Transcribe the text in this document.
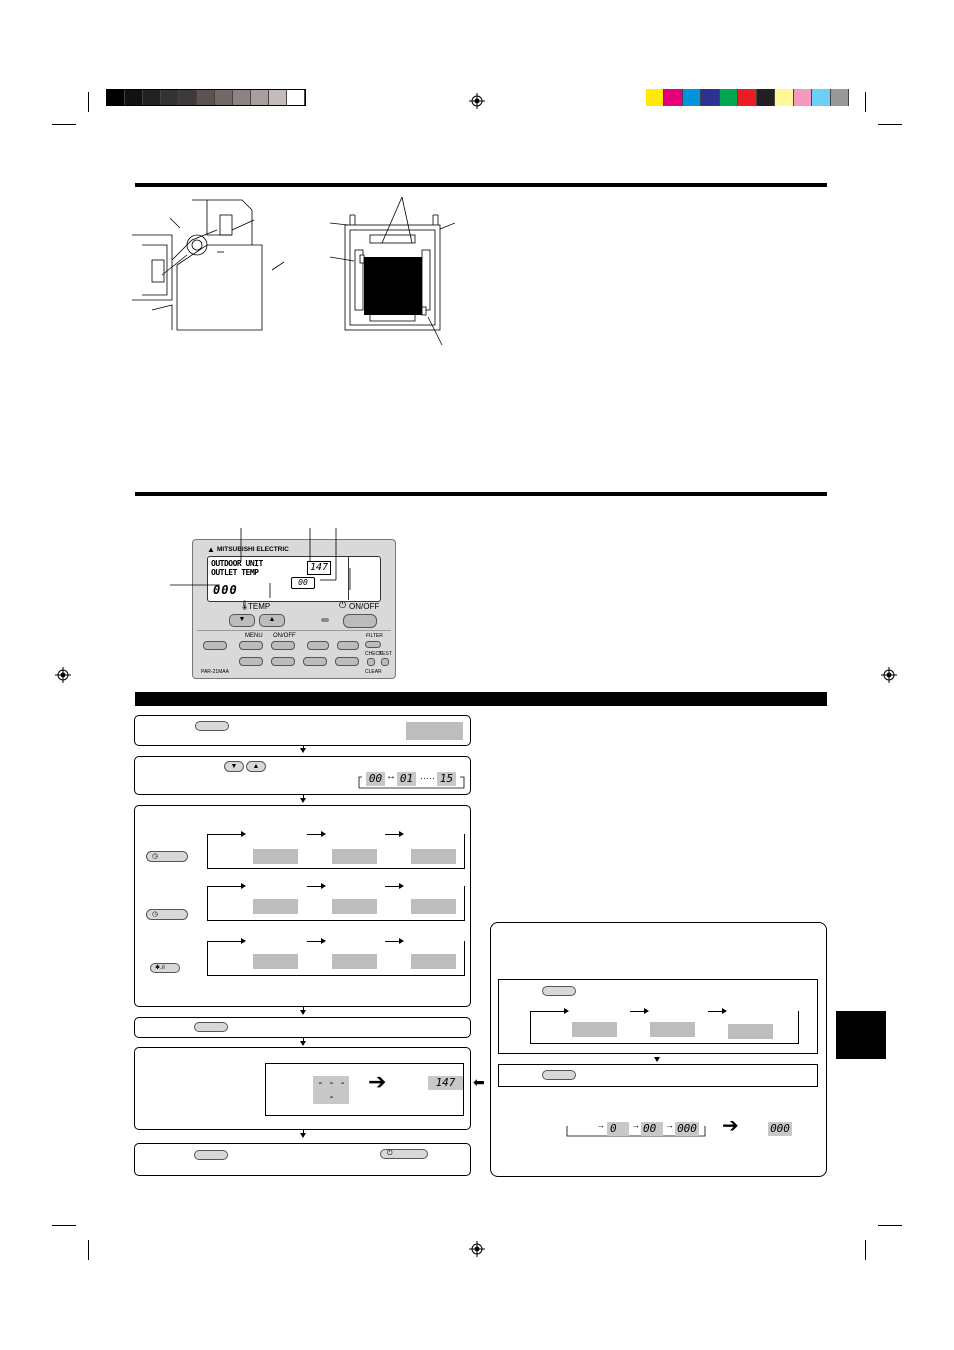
▲ MITSUBISHI ELECTRIC
OUTDOOR UNIT
OUTLET TEMP
000
147
00
🌡
TEMP	⏻ ON/OFF
▼	▲
MENU ON/OFF	FILTER
CHECK
TEST
CLEAR
PAR-21MAA
▼	▲
00 ↔ 01 ····· 15
◷
◷
✱.ıl
- - - -
➔	147	⬅
⏻
→ 0	→ 00 → 000 ➔	000
